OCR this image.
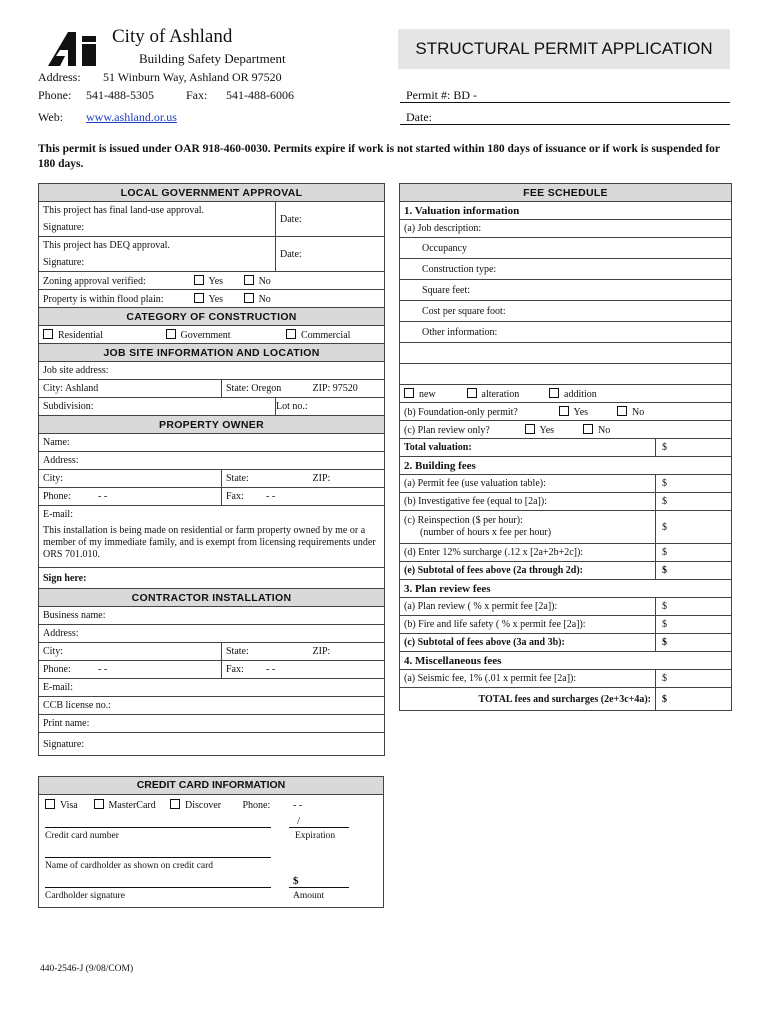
City of Ashland
Building Safety Department
Address: 51 Winburn Way, Ashland OR 97520
Phone: 541-488-5305	Fax: 541-488-6006
Web: www.ashland.or.us
STRUCTURAL PERMIT APPLICATION
Permit #: BD -
Date:
This permit is issued under OAR 918-460-0030. Permits expire if work is not started within 180 days of issuance or if work is suspended for 180 days.
LOCAL GOVERNMENT APPROVAL		
This project has final land-use approval.		Date:
Signature:		
This project has DEQ approval.		Date:
Signature:		
Zoning approval verified: Yes No		
Property is within flood plain: Yes No		
CATEGORY OF CONSTRUCTION		
Residential Government Commercial		
JOB SITE INFORMATION AND LOCATION		
Job site address:		
City: Ashland	State: Oregon ZIP: 97520	
Subdivision:		Lot no.:
PROPERTY OWNER		
Name:		
Address:		
City:	State: ZIP:	
Phone: - -	Fax: - -	
E-mail:		
This installation is being made on residential or farm property owned by me or a member of my immediate family, and is exempt from licensing requirements under ORS 701.010.		
Sign here:		
CONTRACTOR INSTALLATION		
Business name:		
Address:		
City:	State: ZIP:	
Phone: - -	Fax: - -	
E-mail:		
CCB license no.:		
Print name:		
Signature:		
CREDIT CARD INFORMATION
Visa	MasterCard	Discover Phone: - -
/
Credit card number	Expiration
Name of cardholder as shown on credit card
$
Cardholder signature	Amount
FEE SCHEDULE	
1. Valuation information	
(a) Job description:	
Occupancy	
Construction type:	
Square feet:	
Cost per square foot:	
Other information:	

new alteration addition	
(b) Foundation-only permit? Yes No	
(c) Plan review only? Yes No	
Total valuation:	$
2. Building fees	
(a) Permit fee (use valuation table):	$
(b) Investigative fee (equal to [2a]):	$

(c) Reinspection ($ per hour):
(number of hours x fee per hour)	$
(d) Enter 12% surcharge (.12 x [2a+2b+2c]):	$
(e) Subtotal of fees above (2a through 2d):	$
3. Plan review fees	
(a) Plan review ( % x permit fee [2a]):	$
(b) Fire and life safety ( % x permit fee [2a]):	$
(c) Subtotal of fees above (3a and 3b):	$
4. Miscellaneous fees	
(a) Seismic fee, 1% (.01 x permit fee [2a]):	$
TOTAL fees and surcharges (2e+3c+4a):	$
440-2546-J (9/08/COM)
